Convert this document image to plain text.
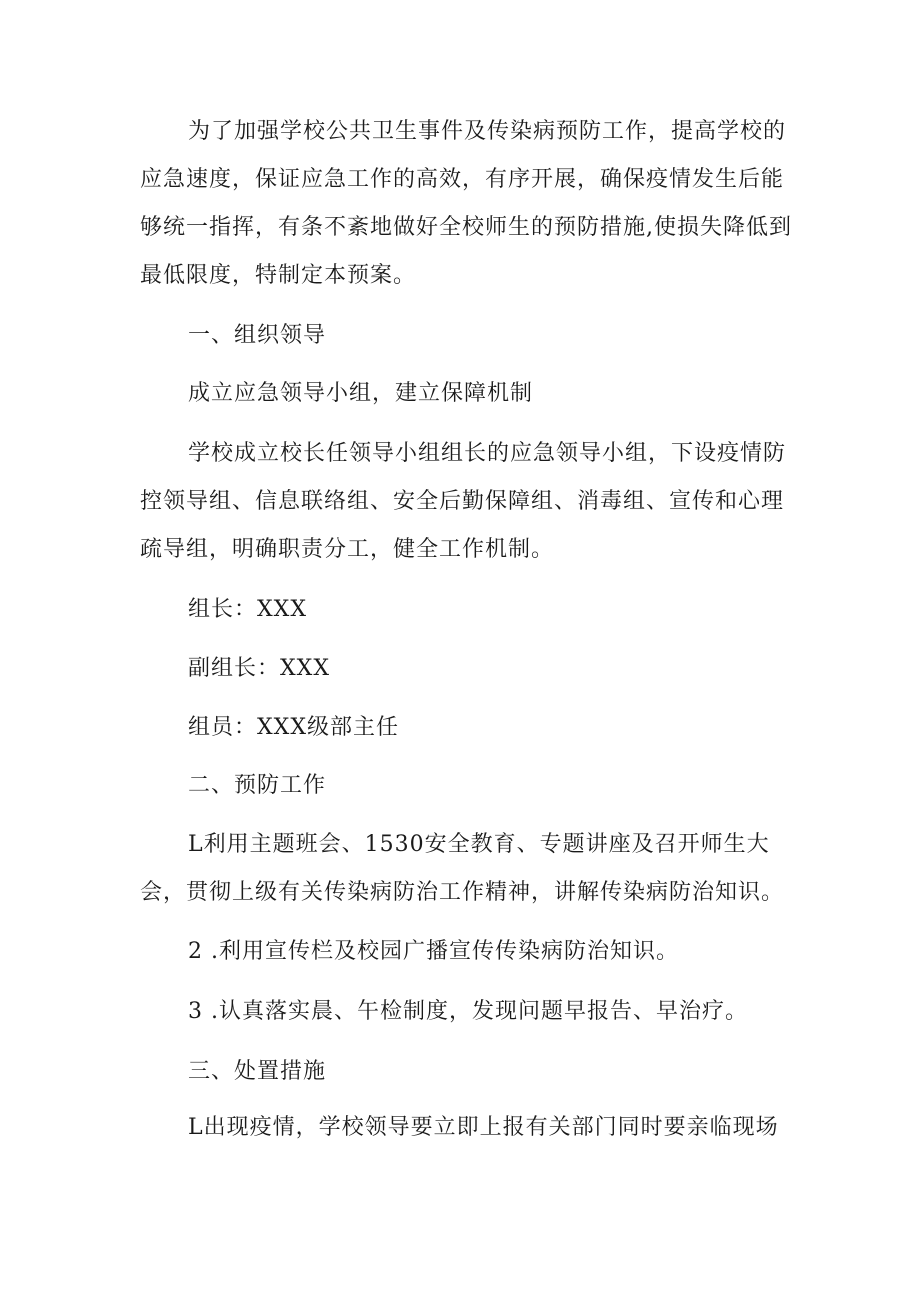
为了加强学校公共卫生事件及传染病预防工作，提高学校的应急速度，保证应急工作的高效，有序开展，确保疫情发生后能够统一指挥，有条不紊地做好全校师生的预防措施,使损失降低到最低限度，特制定本预案。

一、组织领导

成立应急领导小组，建立保障机制

学校成立校长任领导小组组长的应急领导小组，下设疫情防控领导组、信息联络组、安全后勤保障组、消毒组、宣传和心理疏导组，明确职责分工，健全工作机制。

组长：XXX

副组长：XXX

组员：XXX级部主任

二、预防工作

L利用主题班会、1530安全教育、专题讲座及召开师生大会，贯彻上级有关传染病防治工作精神，讲解传染病防治知识。

2 .利用宣传栏及校园广播宣传传染病防治知识。

3 .认真落实晨、午检制度，发现问题早报告、早治疗。

三、处置措施

L出现疫情，学校领导要立即上报有关部门同时要亲临现场
